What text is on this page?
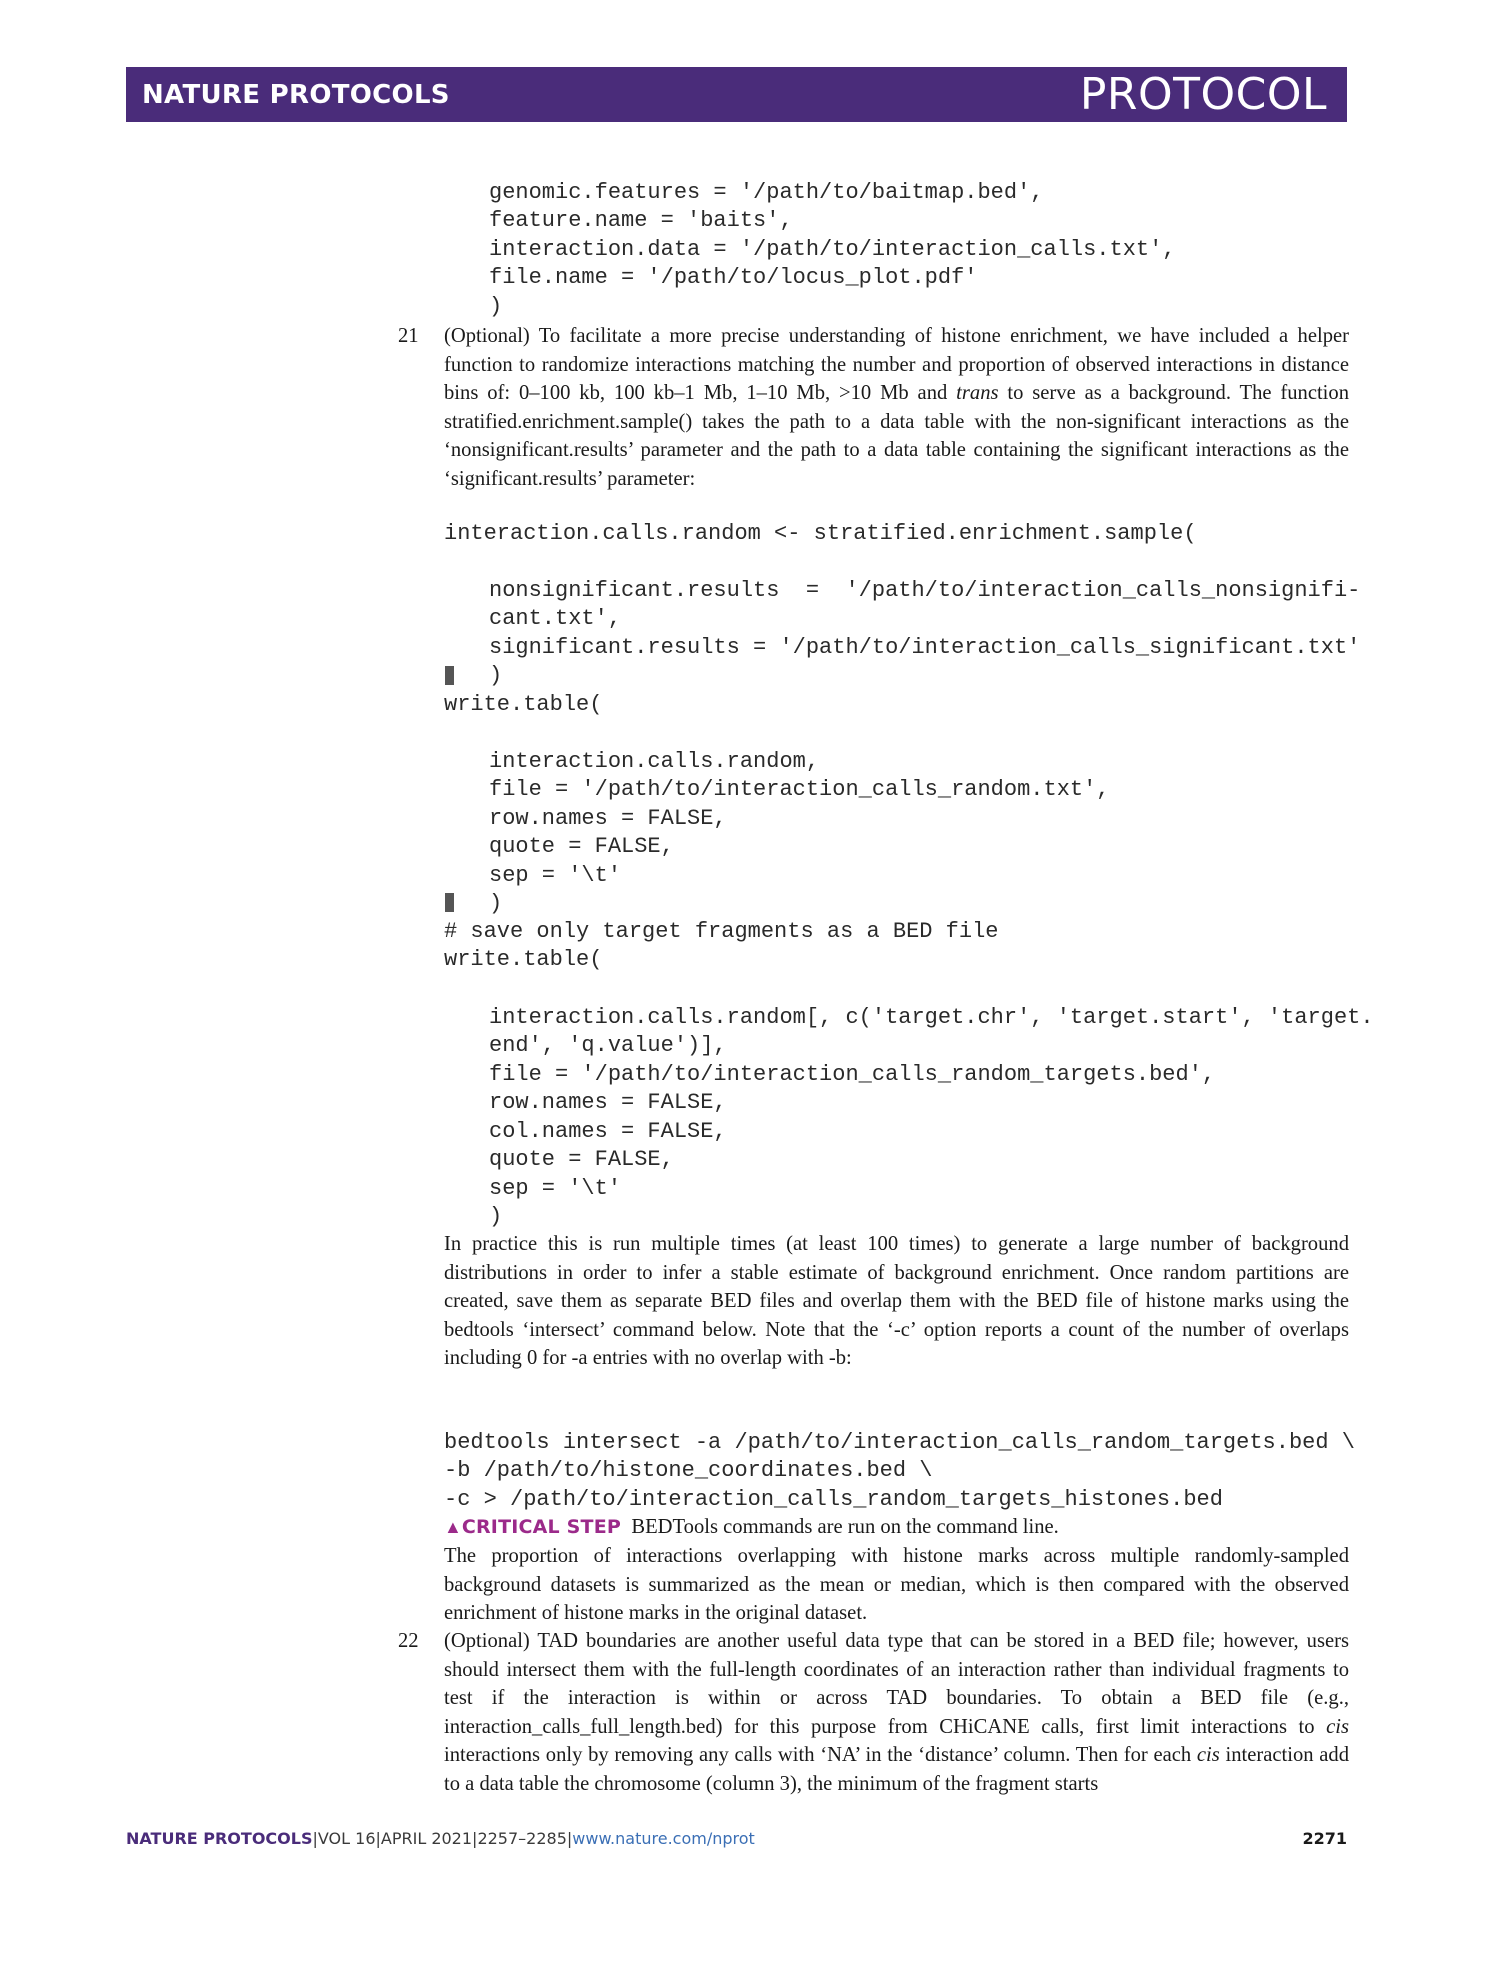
NATURE PROTOCOLS	PROTOCOL

genomic.features = '/path/to/baitmap.bed',
feature.name = 'baits',
interaction.data = '/path/to/interaction_calls.txt',
file.name = '/path/to/locus_plot.pdf'
)

21 (Optional) To facilitate a more precise understanding of histone enrichment, we have included a helper function to randomize interactions matching the number and proportion of observed interactions in distance bins of: 0–100 kb, 100 kb–1 Mb, 1–10 Mb, >10 Mb and trans to serve as a background. The function stratified.enrichment.sample() takes the path to a data table with the non-significant interactions as the ‘nonsignificant.results’ parameter and the path to a data table containing the significant interactions as the ‘significant.results’ parameter:
interaction.calls.random <- stratified.enrichment.sample(

nonsignificant.results  =  '/path/to/interaction_calls_nonsignifi-
cant.txt',
significant.results = '/path/to/interaction_calls_significant.txt'
)

write.table(

interaction.calls.random,
file = '/path/to/interaction_calls_random.txt',
row.names = FALSE,
quote = FALSE,
sep = '\t'
)

# save only target fragments as a BED file
write.table(

interaction.calls.random[, c('target.chr', 'target.start', 'target.
end', 'q.value')],
file = '/path/to/interaction_calls_random_targets.bed',
row.names = FALSE,
col.names = FALSE,
quote = FALSE,
sep = '\t'
)

In practice this is run multiple times (at least 100 times) to generate a large number of background distributions in order to infer a stable estimate of background enrichment. Once random partitions are created, save them as separate BED files and overlap them with the BED file of histone marks using the bedtools ‘intersect’ command below. Note that the ‘-c’ option reports a count of the number of overlaps including 0 for -a entries with no overlap with -b:

bedtools intersect -a /path/to/interaction_calls_random_targets.bed \
-b /path/to/histone_coordinates.bed \
-c > /path/to/interaction_calls_random_targets_histones.bed

▲CRITICAL STEP BEDTools commands are run on the command line.
The proportion of interactions overlapping with histone marks across multiple randomly-sampled background datasets is summarized as the mean or median, which is then compared with the observed enrichment of histone marks in the original dataset.
22 (Optional) TAD boundaries are another useful data type that can be stored in a BED file; however, users should intersect them with the full-length coordinates of an interaction rather than individual fragments to test if the interaction is within or across TAD boundaries. To obtain a BED file (e.g., interaction_calls_full_length.bed) for this purpose from CHiCANE calls, first limit interactions to cis interactions only by removing any calls with ‘NA’ in the ‘distance’ column. Then for each cis interaction add to a data table the chromosome (column 3), the minimum of the fragment starts
NATURE PROTOCOLS|VOL 16|APRIL 2021|2257–2285|www.nature.com/nprot	2271
